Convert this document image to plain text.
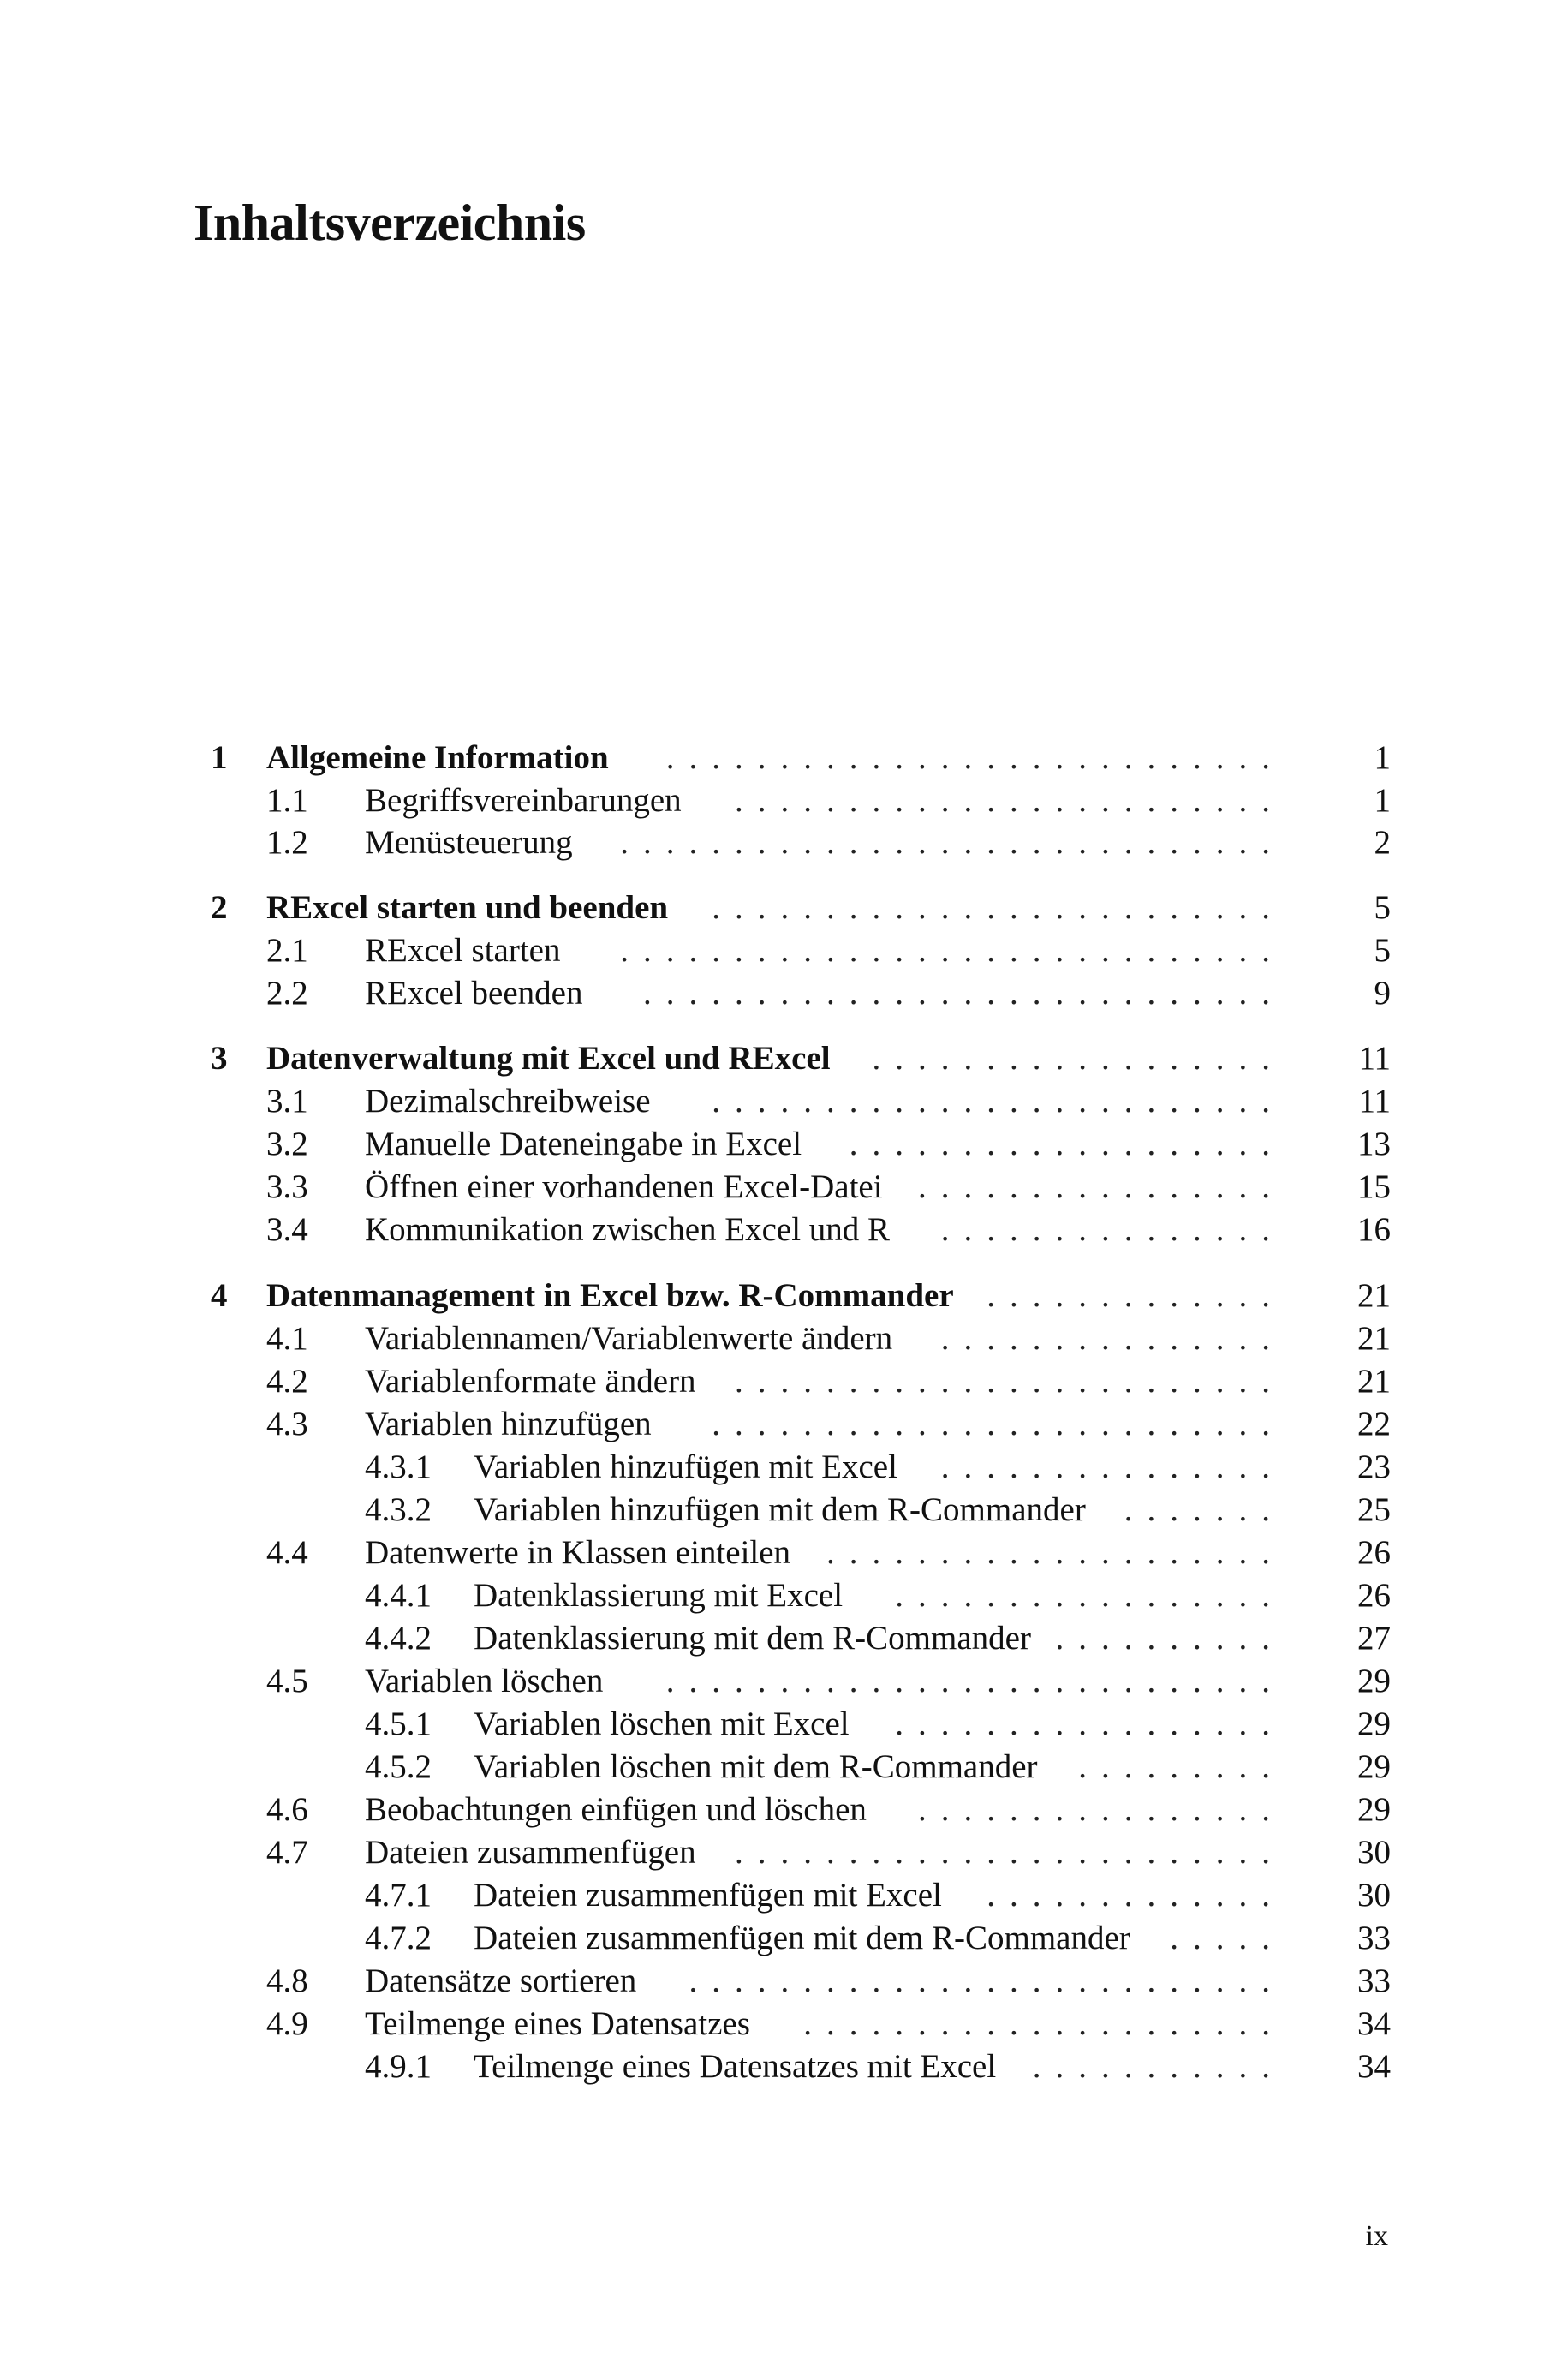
Inhaltsverzeichnis
1 Allgemeine Information	...........................	1
1.1 Begriffsvereinbarungen	........................	1
1.2 Menüsteuerung	.............................	2
2 RExcel starten und beenden	.........................	5
2.1 RExcel starten	.............................	5
2.2 RExcel beenden	............................	9
3 Datenverwaltung mit Excel und RExcel	.................. 11
3.1 Dezimalschreibweise	......................... 11
3.2 Manuelle Dateneingabe in Excel	................... 13
3.3 Öffnen einer vorhandenen Excel-Datei	................ 15
3.4 Kommunikation zwischen Excel und R	............... 16
4 Datenmanagement in Excel bzw. R-Commander ............. 21
4.1 Variablennamen/Variablenwerte ändern	............... 21
4.2 Variablenformate ändern	........................ 21
4.3 Variablen hinzufügen	......................... 22
4.3.1 Variablen hinzufügen mit Excel	............... 23
4.3.2 Variablen hinzufügen mit dem R-Commander	....... 25
4.4 Datenwerte in Klassen einteilen	.................... 26
4.4.1 Datenklassierung mit Excel	................. 26
4.4.2 Datenklassierung mit dem R-Commander .......... 27
4.5 Variablen löschen	........................... 29
4.5.1 Variablen löschen mit Excel	................. 29
4.5.2 Variablen löschen mit dem R-Commander	......... 29
4.6 Beobachtungen einfügen und löschen	................ 29
4.7 Dateien zusammenfügen	........................ 30
4.7.1 Dateien zusammenfügen mit Excel	............. 30
4.7.2 Dateien zusammenfügen mit dem R-Commander	..... 33
4.8 Datensätze sortieren	.......................... 33
4.9 Teilmenge eines Datensatzes	..................... 34
4.9.1 Teilmenge eines Datensatzes mit Excel	........... 34
ix
